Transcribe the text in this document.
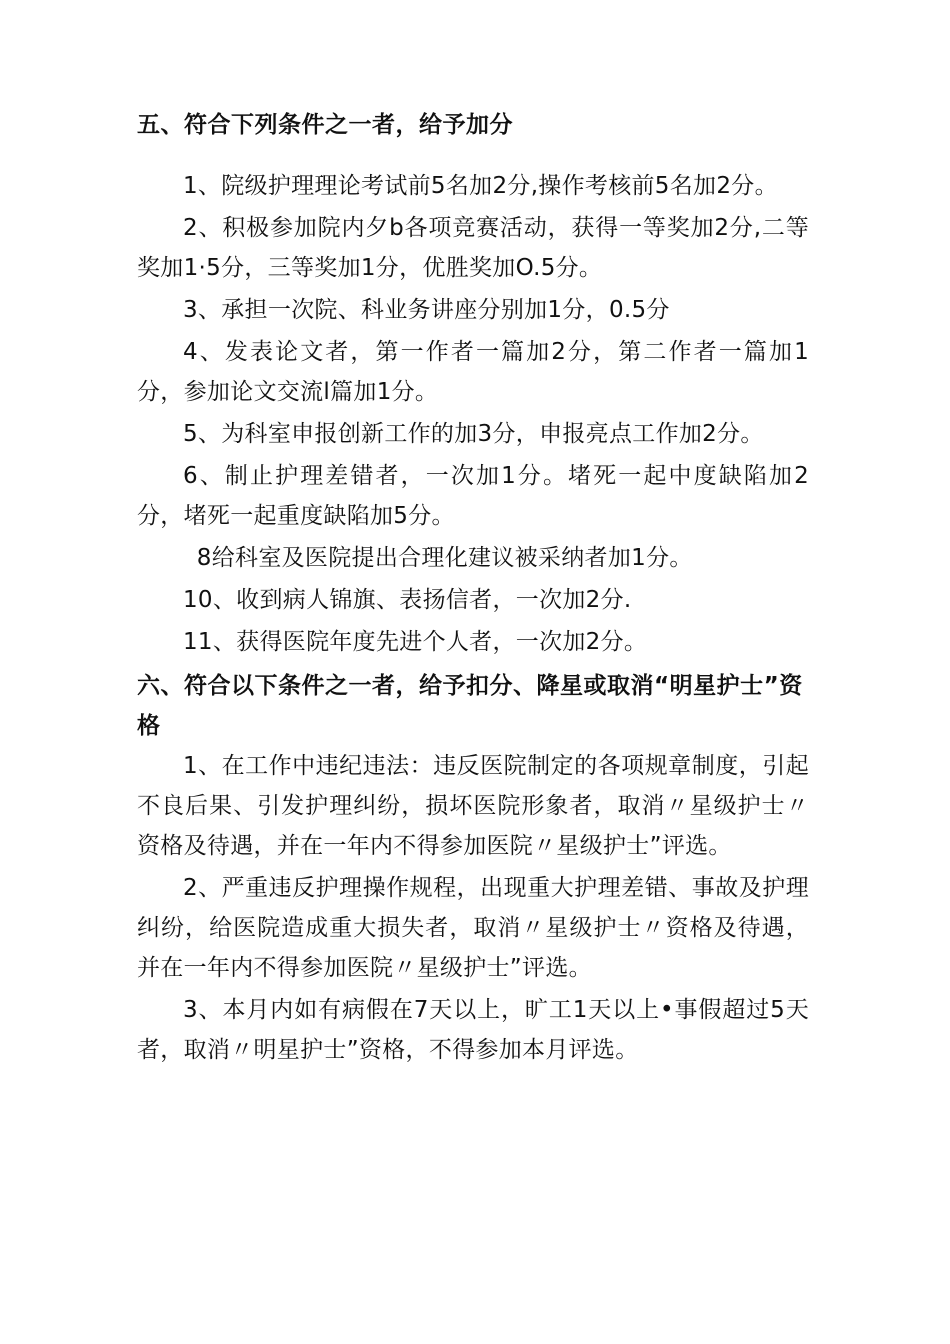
五、符合下列条件之一者，给予加分

1、院级护理理论考试前5名加2分,操作考核前5名加2分。

2、积极参加院内夕b各项竞赛活动，获得一等奖加2分,二等奖加1·5分，三等奖加1分，优胜奖加O.5分。

3、承担一次院、科业务讲座分别加1分，0.5分

4、发表论文者，第一作者一篇加2分，第二作者一篇加1分，参加论文交流l篇加1分。

5、为科室申报创新工作的加3分，申报亮点工作加2分。

6、制止护理差错者，一次加1分。堵死一起中度缺陷加2分，堵死一起重度缺陷加5分。

8给科室及医院提出合理化建议被采纳者加1分。

10、收到病人锦旗、表扬信者，一次加2分.

11、获得医院年度先进个人者，一次加2分。

六、符合以下条件之一者，给予扣分、降星或取消“明星护士”资格

1、在工作中违纪违法：违反医院制定的各项规章制度，引起不良后果、引发护理纠纷，损坏医院形象者，取消〃星级护士〃资格及待遇，并在一年内不得参加医院〃星级护士”评选。

2、严重违反护理操作规程，出现重大护理差错、事故及护理纠纷，给医院造成重大损失者，取消〃星级护士〃资格及待遇，并在一年内不得参加医院〃星级护士”评选。

3、本月内如有病假在7天以上，旷工1天以上•事假超过5天者，取消〃明星护士”资格，不得参加本月评选。
